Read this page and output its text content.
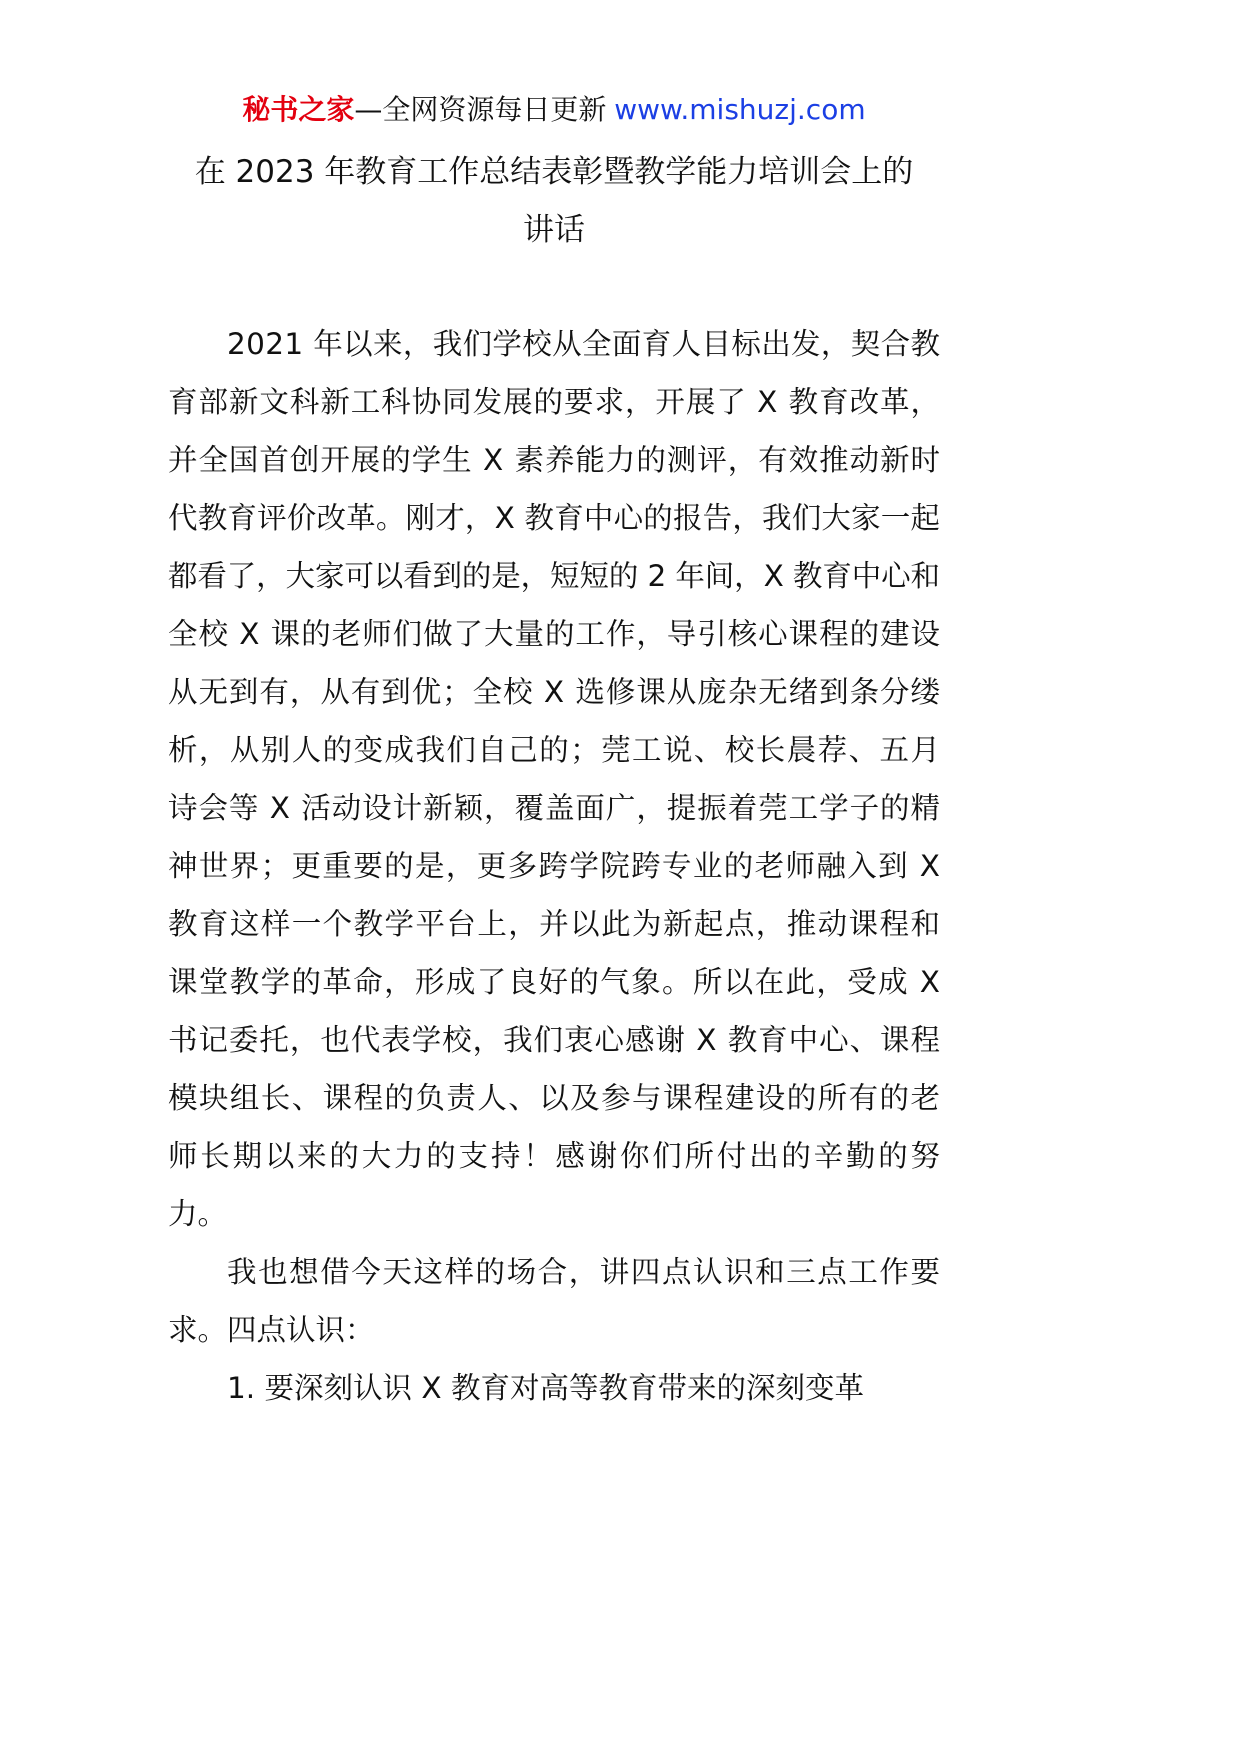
秘书之家—全网资源每日更新 www.mishuzj.com
在 2023 年教育工作总结表彰暨教学能力培训会上的
讲话
2021 年以来，我们学校从全面育人目标出发，契合教
育部新文科新工科协同发展的要求，开展了 X 教育改革，
并全国首创开展的学生 X 素养能力的测评，有效推动新时
代教育评价改革。刚才，X 教育中心的报告，我们大家一起
都看了，大家可以看到的是，短短的 2 年间，X 教育中心和
全校 X 课的老师们做了大量的工作，导引核心课程的建设
从无到有，从有到优；全校 X 选修课从庞杂无绪到条分缕
析，从别人的变成我们自己的；莞工说、校长晨荐、五月
诗会等 X 活动设计新颖，覆盖面广，提振着莞工学子的精
神世界；更重要的是，更多跨学院跨专业的老师融入到 X
教育这样一个教学平台上，并以此为新起点，推动课程和
课堂教学的革命，形成了良好的气象。所以在此，受成 X
书记委托，也代表学校，我们衷心感谢 X 教育中心、课程
模块组长、课程的负责人、以及参与课程建设的所有的老
师长期以来的大力的支持！感谢你们所付出的辛勤的努
力。
我也想借今天这样的场合，讲四点认识和三点工作要
求。四点认识：
1. 要深刻认识 X 教育对高等教育带来的深刻变革
